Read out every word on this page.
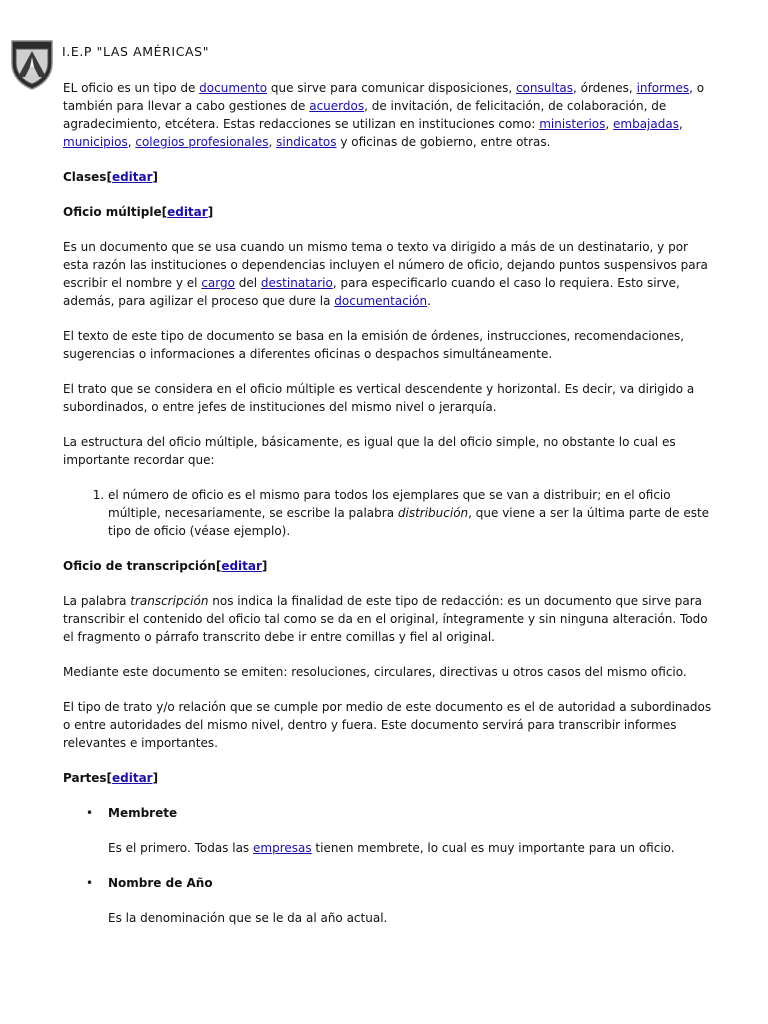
I.E.P "LAS AMÉRICAS"

EL oficio es un tipo de documento que sirve para comunicar disposiciones, consultas, órdenes, informes, o también para llevar a cabo gestiones de acuerdos, de invitación, de felicitación, de colaboración, de agradecimiento, etcétera. Estas redacciones se utilizan en instituciones como: ministerios, embajadas, municipios, colegios profesionales, sindicatos y oficinas de gobierno, entre otras.

Clases[editar]

Oficio múltiple[editar]

Es un documento que se usa cuando un mismo tema o texto va dirigido a más de un destinatario, y por esta razón las instituciones o dependencias incluyen el número de oficio, dejando puntos suspensivos para escribir el nombre y el cargo del destinatario, para especificarlo cuando el caso lo requiera. Esto sirve, además, para agilizar el proceso que dure la documentación.

El texto de este tipo de documento se basa en la emisión de órdenes, instrucciones, recomendaciones, sugerencias o informaciones a diferentes oficinas o despachos simultáneamente.

El trato que se considera en el oficio múltiple es vertical descendente y horizontal. Es decir, va dirigido a subordinados, o entre jefes de instituciones del mismo nivel o jerarquía.

La estructura del oficio múltiple, básicamente, es igual que la del oficio simple, no obstante lo cual es importante recordar que:

1. el número de oficio es el mismo para todos los ejemplares que se van a distribuir; en el oficio múltiple, necesariamente, se escribe la palabra distribución, que viene a ser la última parte de este tipo de oficio (véase ejemplo).

Oficio de transcripción[editar]

La palabra transcripción nos indica la finalidad de este tipo de redacción: es un documento que sirve para transcribir el contenido del oficio tal como se da en el original, íntegramente y sin ninguna alteración. Todo el fragmento o párrafo transcrito debe ir entre comillas y fiel al original.

Mediante este documento se emiten: resoluciones, circulares, directivas u otros casos del mismo oficio.

El tipo de trato y/o relación que se cumple por medio de este documento es el de autoridad a subordinados o entre autoridades del mismo nivel, dentro y fuera. Este documento servirá para transcribir informes relevantes e importantes.

Partes[editar]

• Membrete
Es el primero. Todas las empresas tienen membrete, lo cual es muy importante para un oficio.
• Nombre de Año
Es la denominación que se le da al año actual.
